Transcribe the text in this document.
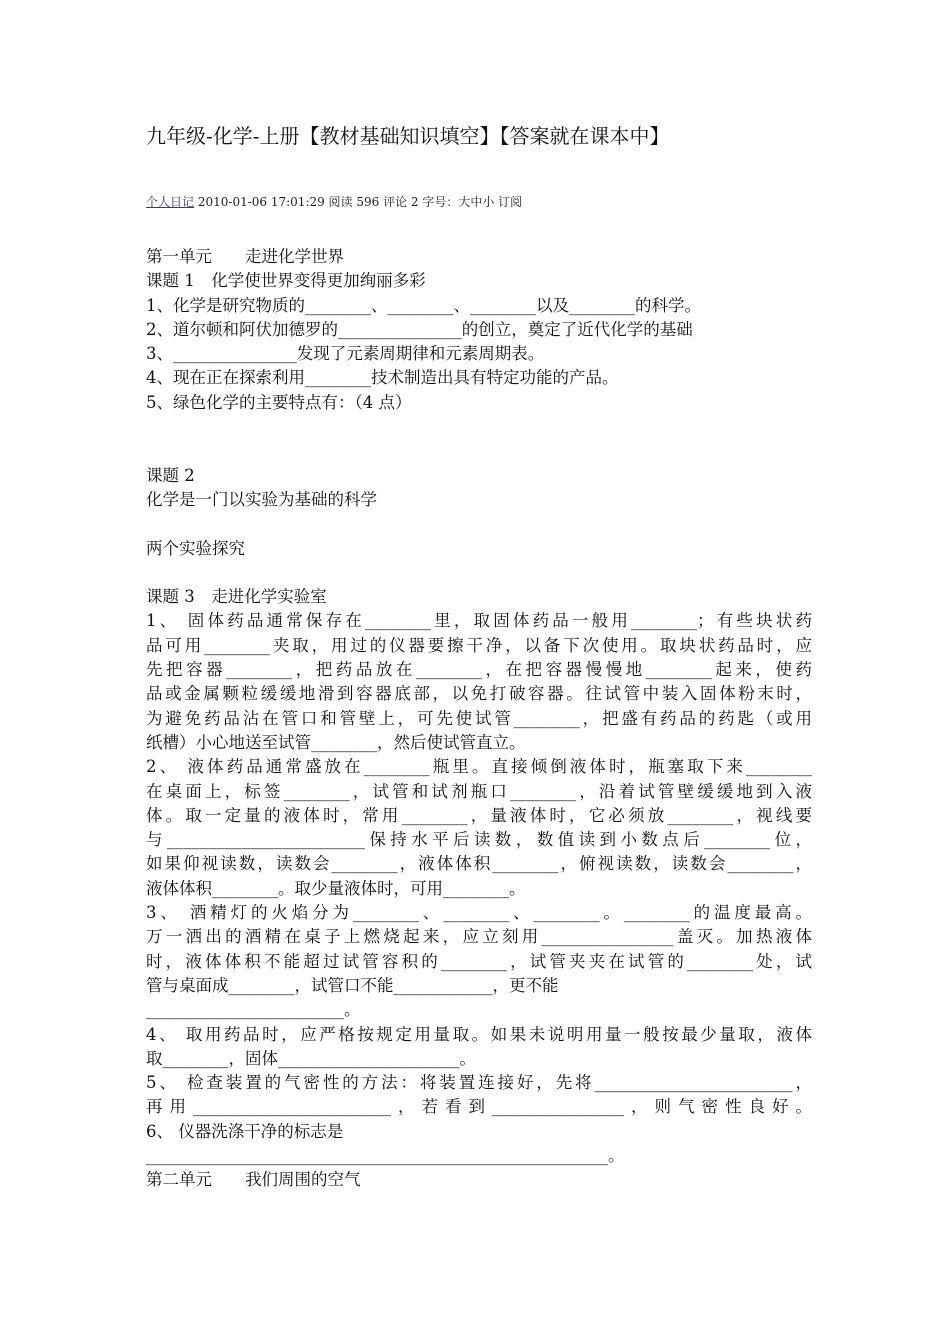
九年级-化学-上册【教材基础知识填空】【答案就在课本中】
个人日记 2010-01-06 17:01:29 阅读 596 评论 2 字号：大中小 订阅
第一单元　　走进化学世界
课题 1　化学使世界变得更加绚丽多彩
1、化学是研究物质的________、________、________以及________的科学。
2、道尔顿和阿伏加德罗的_______________的创立，奠定了近代化学的基础
3、_______________发现了元素周期律和元素周期表。
4、现在正在探索利用________技术制造出具有特定功能的产品。
5、绿色化学的主要特点有：（4 点）
课题 2
化学是一门以实验为基础的科学
两个实验探究
课题 3　走进化学实验室
1、 固体药品通常保存在________里，取固体药品一般用________；有些块状药
品可用________夹取，用过的仪器要擦干净，以备下次使用。取块状药品时，应
先把容器________，把药品放在________，在把容器慢慢地________起来，使药
品或金属颗粒缓缓地滑到容器底部，以免打破容器。往试管中装入固体粉末时，
为避免药品沾在管口和管壁上，可先使试管________，把盛有药品的药匙（或用
纸槽）小心地送至试管________，然后使试管直立。
2、 液体药品通常盛放在________瓶里。直接倾倒液体时，瓶塞取下来________
在桌面上，标签________，试管和试剂瓶口________，沿着试管壁缓缓地到入液
体。取一定量的液体时，常用________，量液体时，它必须放________，视线要
与________________________保持水平后读数，数值读到小数点后________位，
如果仰视读数，读数会________，液体体积________，俯视读数，读数会________，
液体体积________。取少量液体时，可用________。
3、 酒精灯的火焰分为________、________、________。________的温度最高。
万一洒出的酒精在桌子上燃烧起来，应立刻用________________盖灭。加热液体
时，液体体积不能超过试管容积的________，试管夹夹在试管的________处，试
管与桌面成________，试管口不能____________，更不能
________________________。
4、 取用药品时，应严格按规定用量取。如果未说明用量一般按最少量取，液体
取________，固体______________________。
5、 检查装置的气密性的方法：将装置连接好，先将________________________，
再用________________________，若看到________________，则气密性良好。
6、 仪器洗涤干净的标志是
________________________________________________________。
第二单元　　我们周围的空气
